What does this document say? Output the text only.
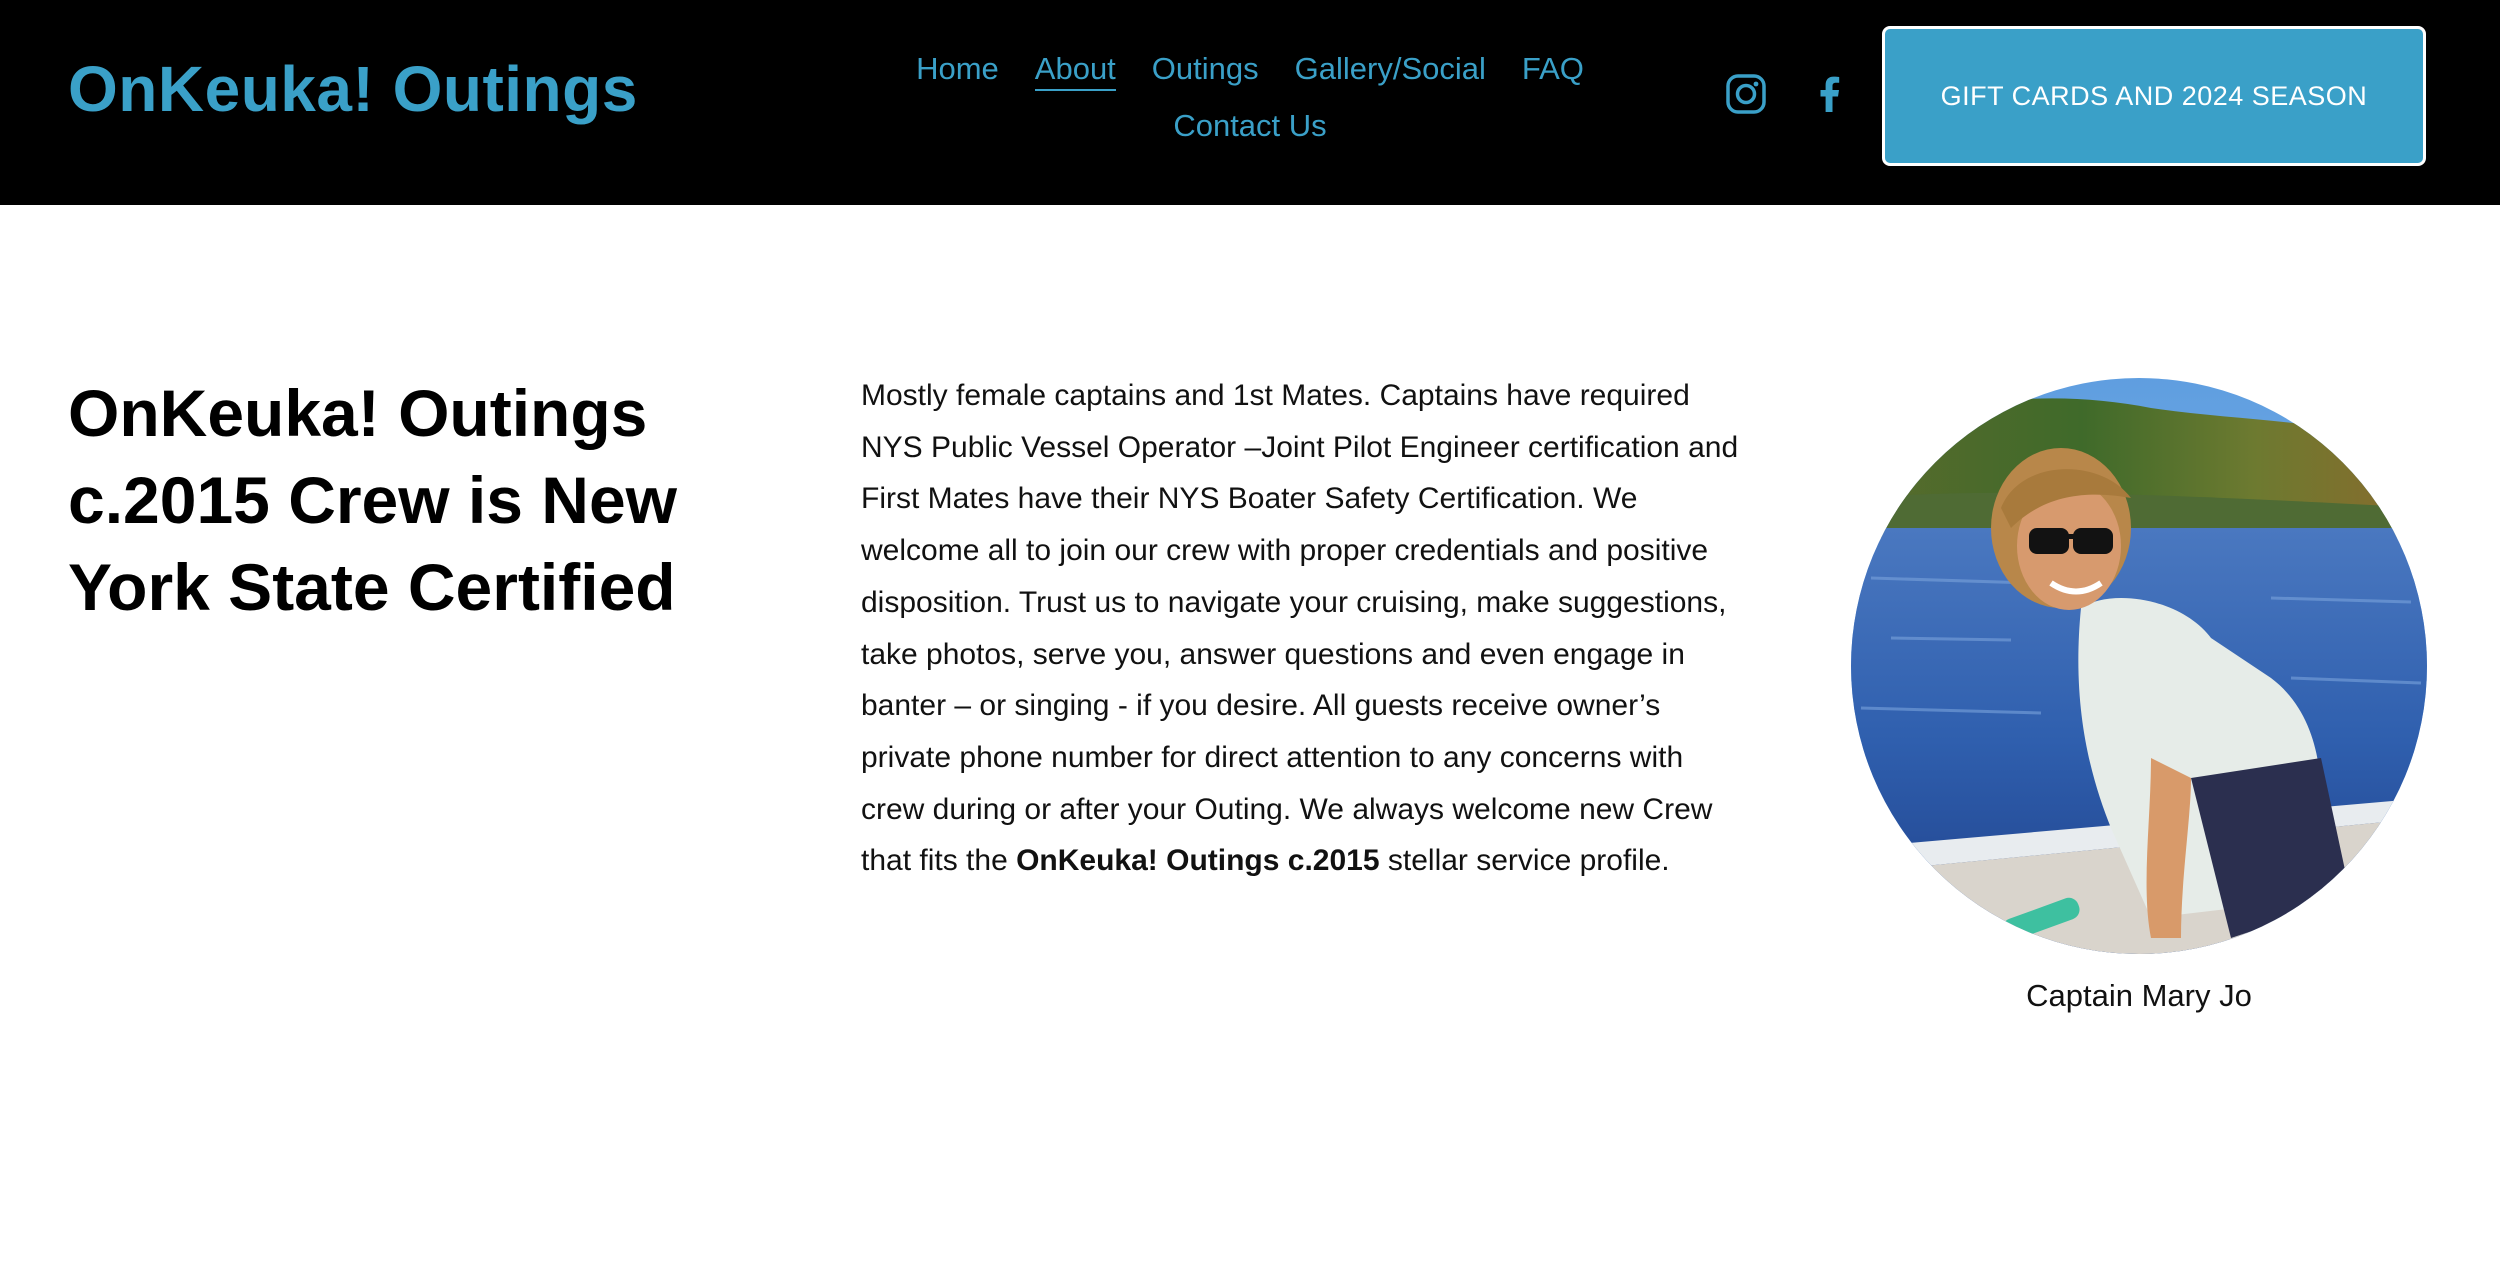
OnKeuka! Outings	Home About Outings Gallery/Social FAQ
Contact Us
GIFT CARDS AND 2024 SEASON
OnKeuka! Outings c.2015 Crew is New York State Certified

Mostly female captains and 1st Mates. Captains have required NYS Public Vessel Operator –Joint Pilot Engineer certification and First Mates have their NYS Boater Safety Certification. We welcome all to join our crew with proper credentials and positive disposition. Trust us to navigate your cruising, make suggestions, take photos, serve you, answer questions and even engage in banter – or singing - if you desire. All guests receive owner’s private phone number for direct attention to any concerns with crew during or after your Outing. We always welcome new Crew that fits the OnKeuka! Outings c.2015 stellar service profile.

Captain Mary Jo
